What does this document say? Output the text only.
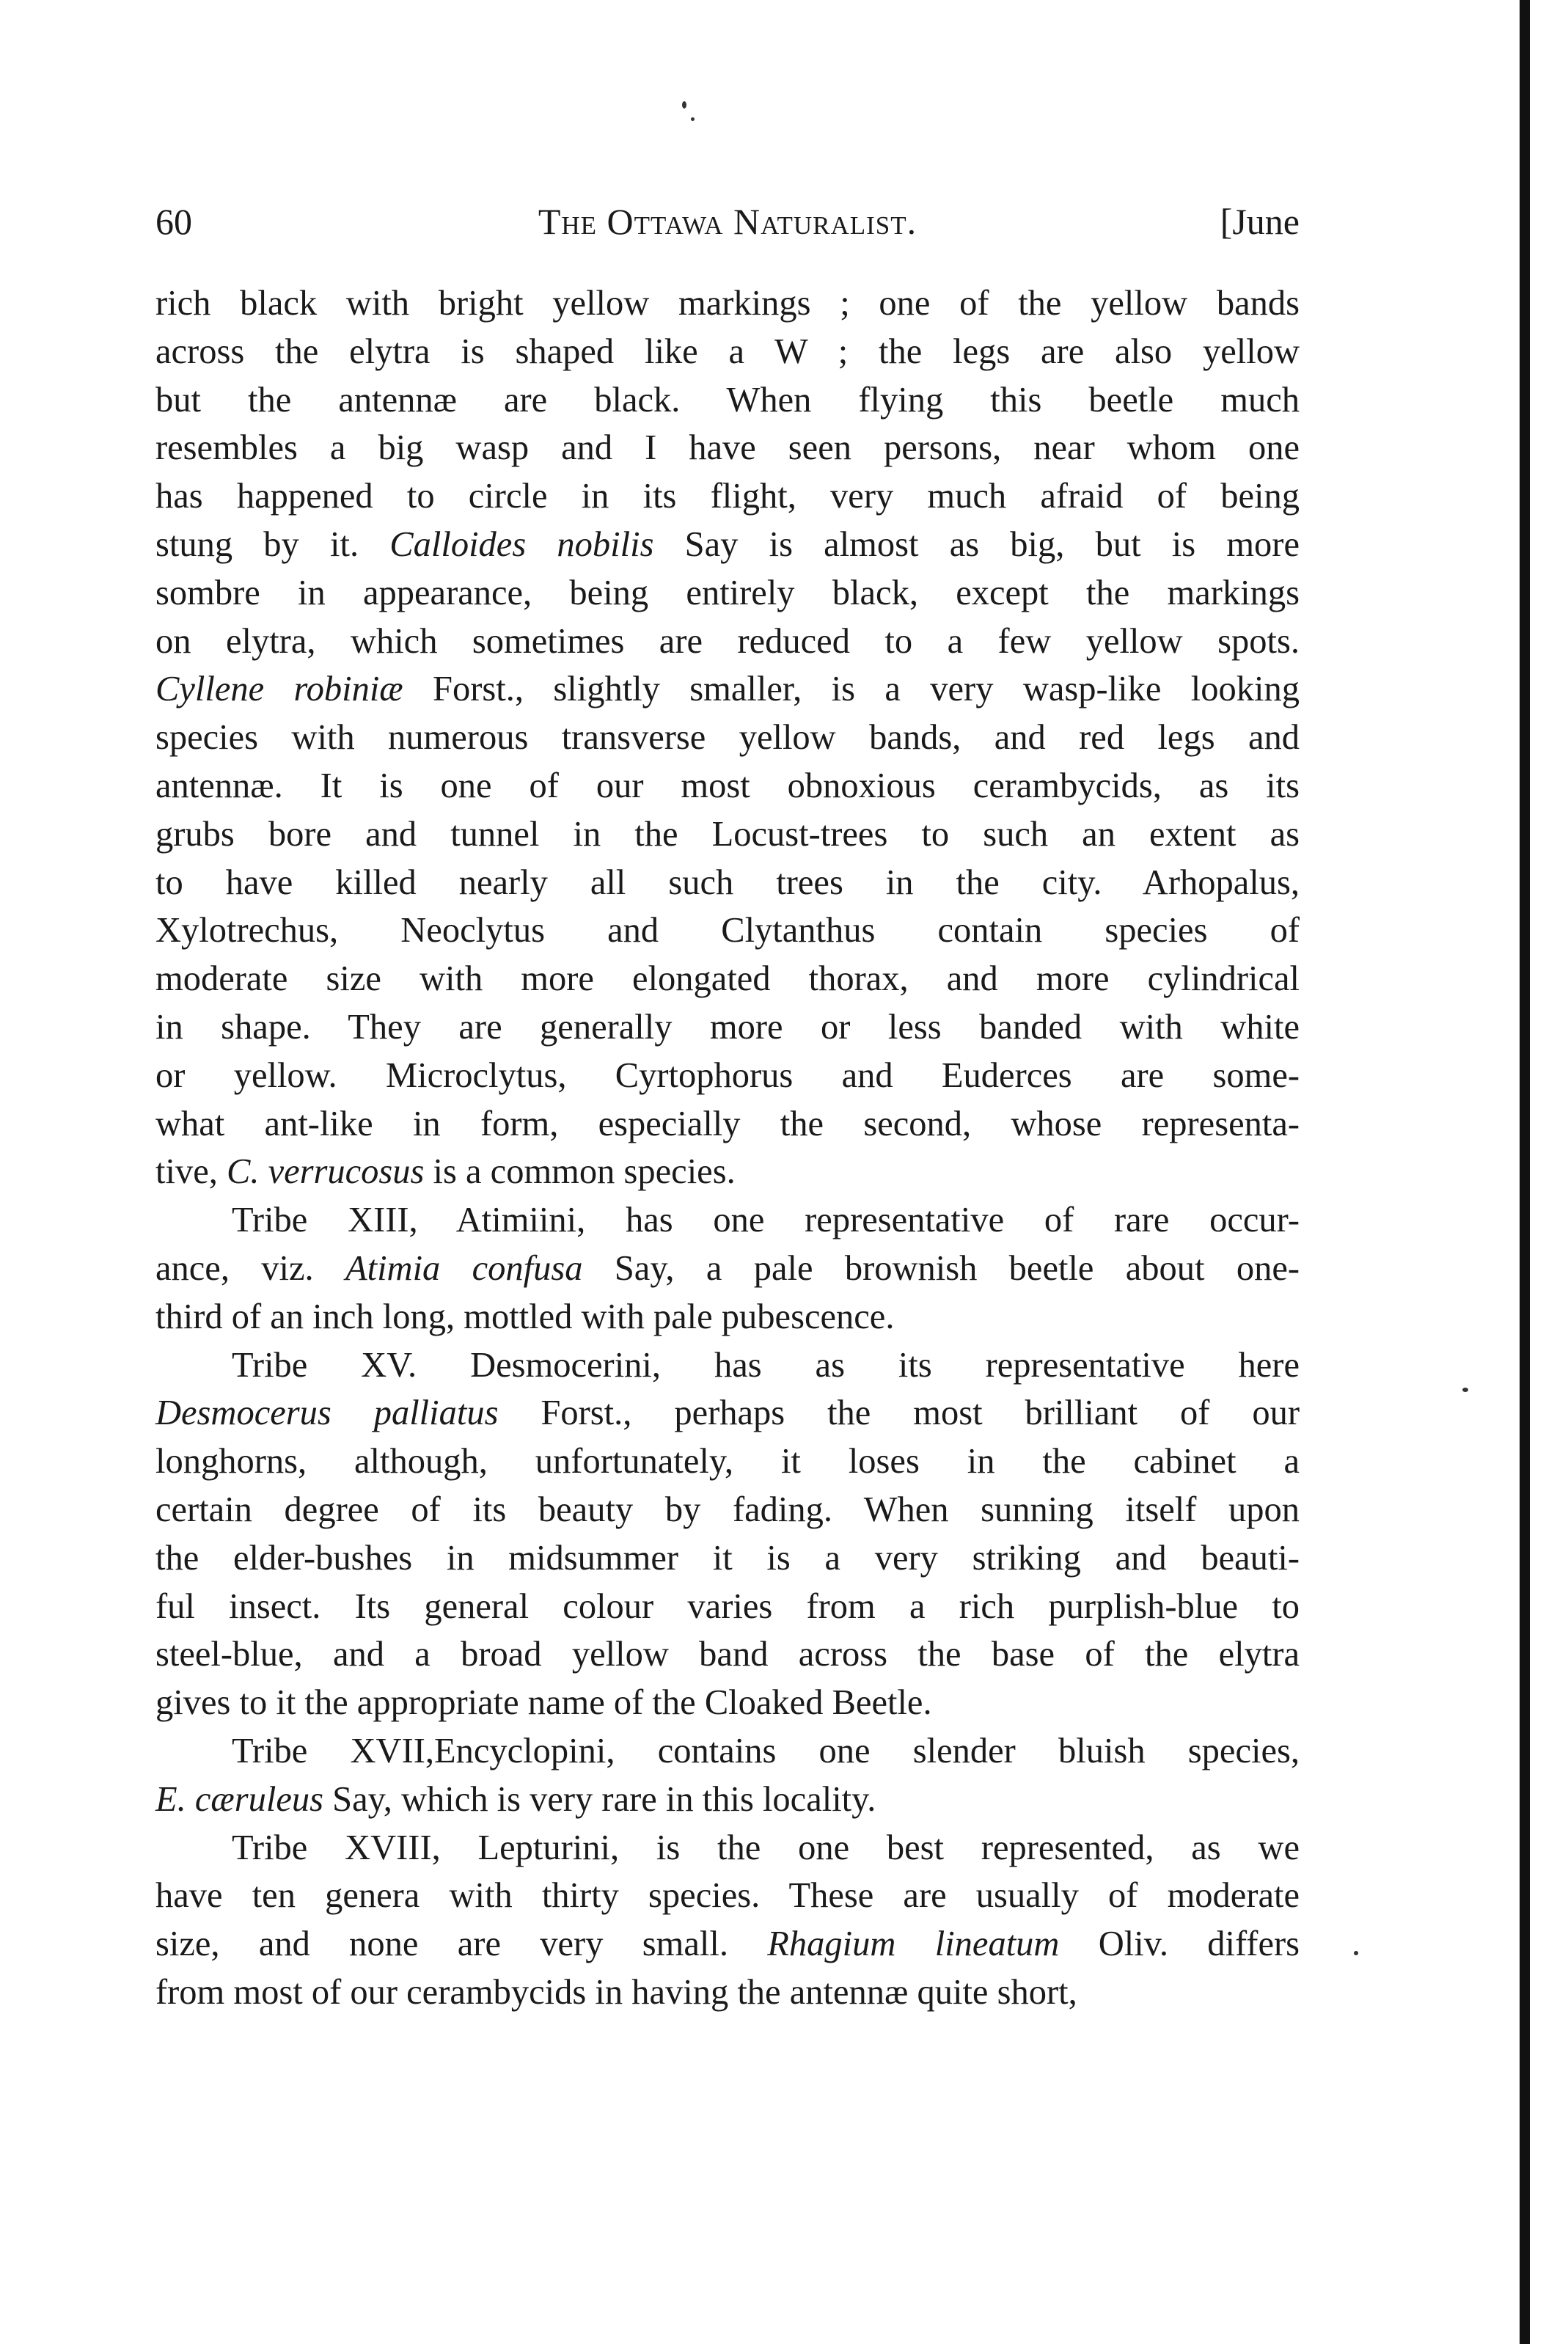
60	The Ottawa Naturalist.	[June
rich black with bright yellow markings ; one of the yellow bands
across the elytra is shaped like a W ; the legs are also yellow
but the antennæ are black. When flying this beetle much
resembles a big wasp and I have seen persons, near whom one
has happened to circle in its flight, very much afraid of being
stung by it. Calloides nobilis Say is almost as big, but is more
sombre in appearance, being entirely black, except the markings
on elytra, which sometimes are reduced to a few yellow spots.
Cyllene robiniæ Forst., slightly smaller, is a very wasp-like looking
species with numerous transverse yellow bands, and red legs and
antennæ. It is one of our most obnoxious cerambycids, as its
grubs bore and tunnel in the Locust-trees to such an extent as
to have killed nearly all such trees in the city. Arhopalus,
Xylotrechus, Neoclytus and Clytanthus contain species of
moderate size with more elongated thorax, and more cylindrical
in shape. They are generally more or less banded with white
or yellow. Microclytus, Cyrtophorus and Euderces are some-
what ant-like in form, especially the second, whose representa-
tive, C. verrucosus is a common species.
Tribe XIII, Atimiini, has one representative of rare occur-
ance, viz. Atimia confusa Say, a pale brownish beetle about one-
third of an inch long, mottled with pale pubescence.
Tribe XV. Desmocerini, has as its representative here
Desmocerus palliatus Forst., perhaps the most brilliant of our
longhorns, although, unfortunately, it loses in the cabinet a
certain degree of its beauty by fading. When sunning itself upon
the elder-bushes in midsummer it is a very striking and beauti-
ful insect. Its general colour varies from a rich purplish-blue to
steel-blue, and a broad yellow band across the base of the elytra
gives to it the appropriate name of the Cloaked Beetle.
Tribe XVII,Encyclopini, contains one slender bluish species,
E. cæruleus Say, which is very rare in this locality.
Tribe XVIII, Lepturini, is the one best represented, as we
have ten genera with thirty species. These are usually of moderate
size, and none are very small. Rhagium lineatum Oliv. differs
from most of our cerambycids in having the antennæ quite short,
